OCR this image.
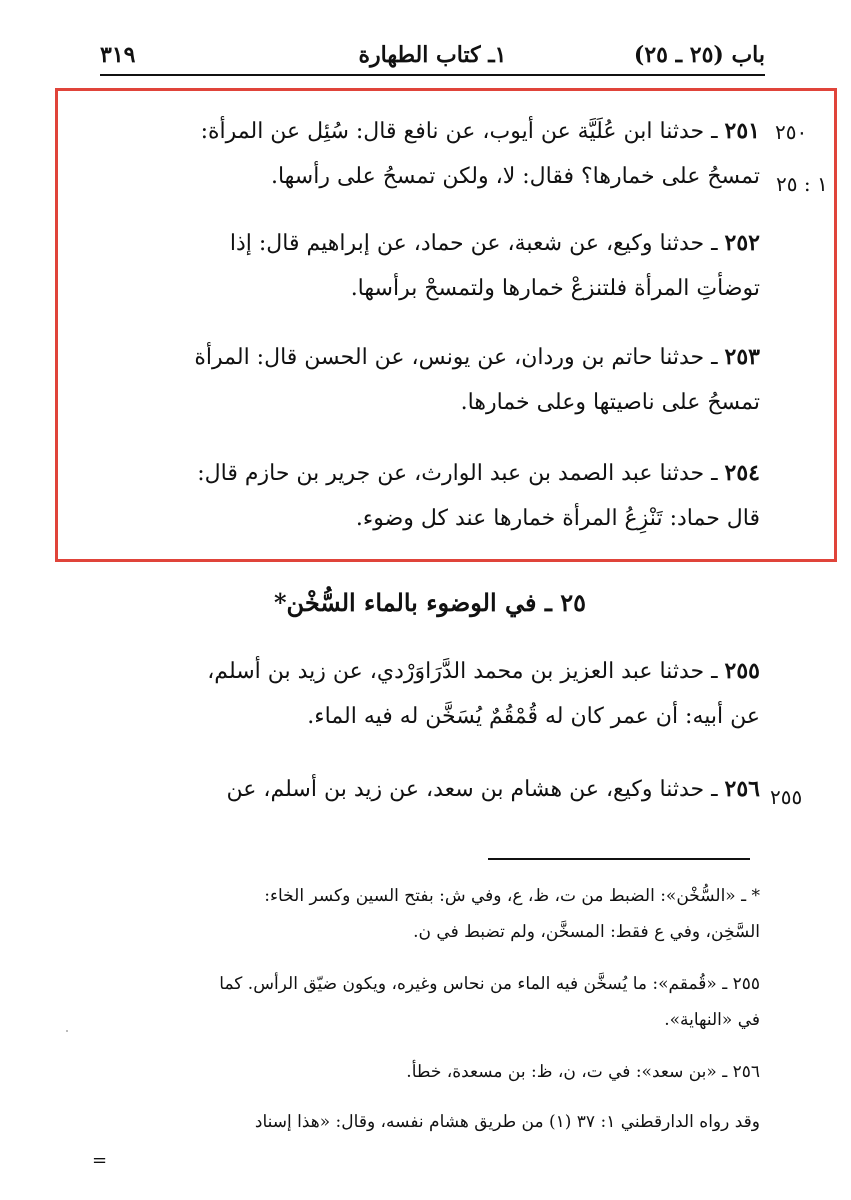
باب (٢٥ ـ ٢٥)
١ـ كتاب الطهارة
٣١٩
٢٥٠
١ : ٢٥
٢٥٥
٢٥١ ـ حدثنا ابن عُلَيَّة عن أيوب، عن نافع قال: سُئِل عن المرأة:
تمسحُ على خمارها؟ فقال: لا، ولكن تمسحُ على رأسها.
٢٥٢ ـ حدثنا وكيع، عن شعبة، عن حماد، عن إبراهيم قال: إذا
توضأتِ المرأة فلتنزعْ خمارها ولتمسحْ برأسها.
٢٥٣ ـ حدثنا حاتم بن وردان، عن يونس، عن الحسن قال: المرأة
تمسحُ على ناصيتها وعلى خمارها.
٢٥٤ ـ حدثنا عبد الصمد بن عبد الوارث، عن جرير بن حازم قال:
قال حماد: تَنْزِعُ المرأة خمارها عند كل وضوء.
٢٥ ـ في الوضوء بالماء السُّخْن*
٢٥٥ ـ حدثنا عبد العزيز بن محمد الدَّرَاوَرْدي، عن زيد بن أسلم،
عن أبيه: أن عمر كان له قُمْقُمٌ يُسَخَّن له فيه الماء.
٢٥٦ ـ حدثنا وكيع، عن هشام بن سعد، عن زيد بن أسلم، عن
* ـ «السُّخْن»: الضبط من ت، ظ، ع، وفي ش: بفتح السين وكسر الخاء:
السَّخِن، وفي ع فقط: المسخَّن، ولم تضبط في ن.
٢٥٥ ـ «قُمقم»: ما يُسخَّن فيه الماء من نحاس وغيره، ويكون ضيّق الرأس. كما
في «النهاية».
٢٥٦ ـ «بن سعد»: في ت، ن، ظ: بن مسعدة، خطأ.
وقد رواه الدارقطني ١: ٣٧ (١) من طريق هشام نفسه، وقال: «هذا إسناد
=
